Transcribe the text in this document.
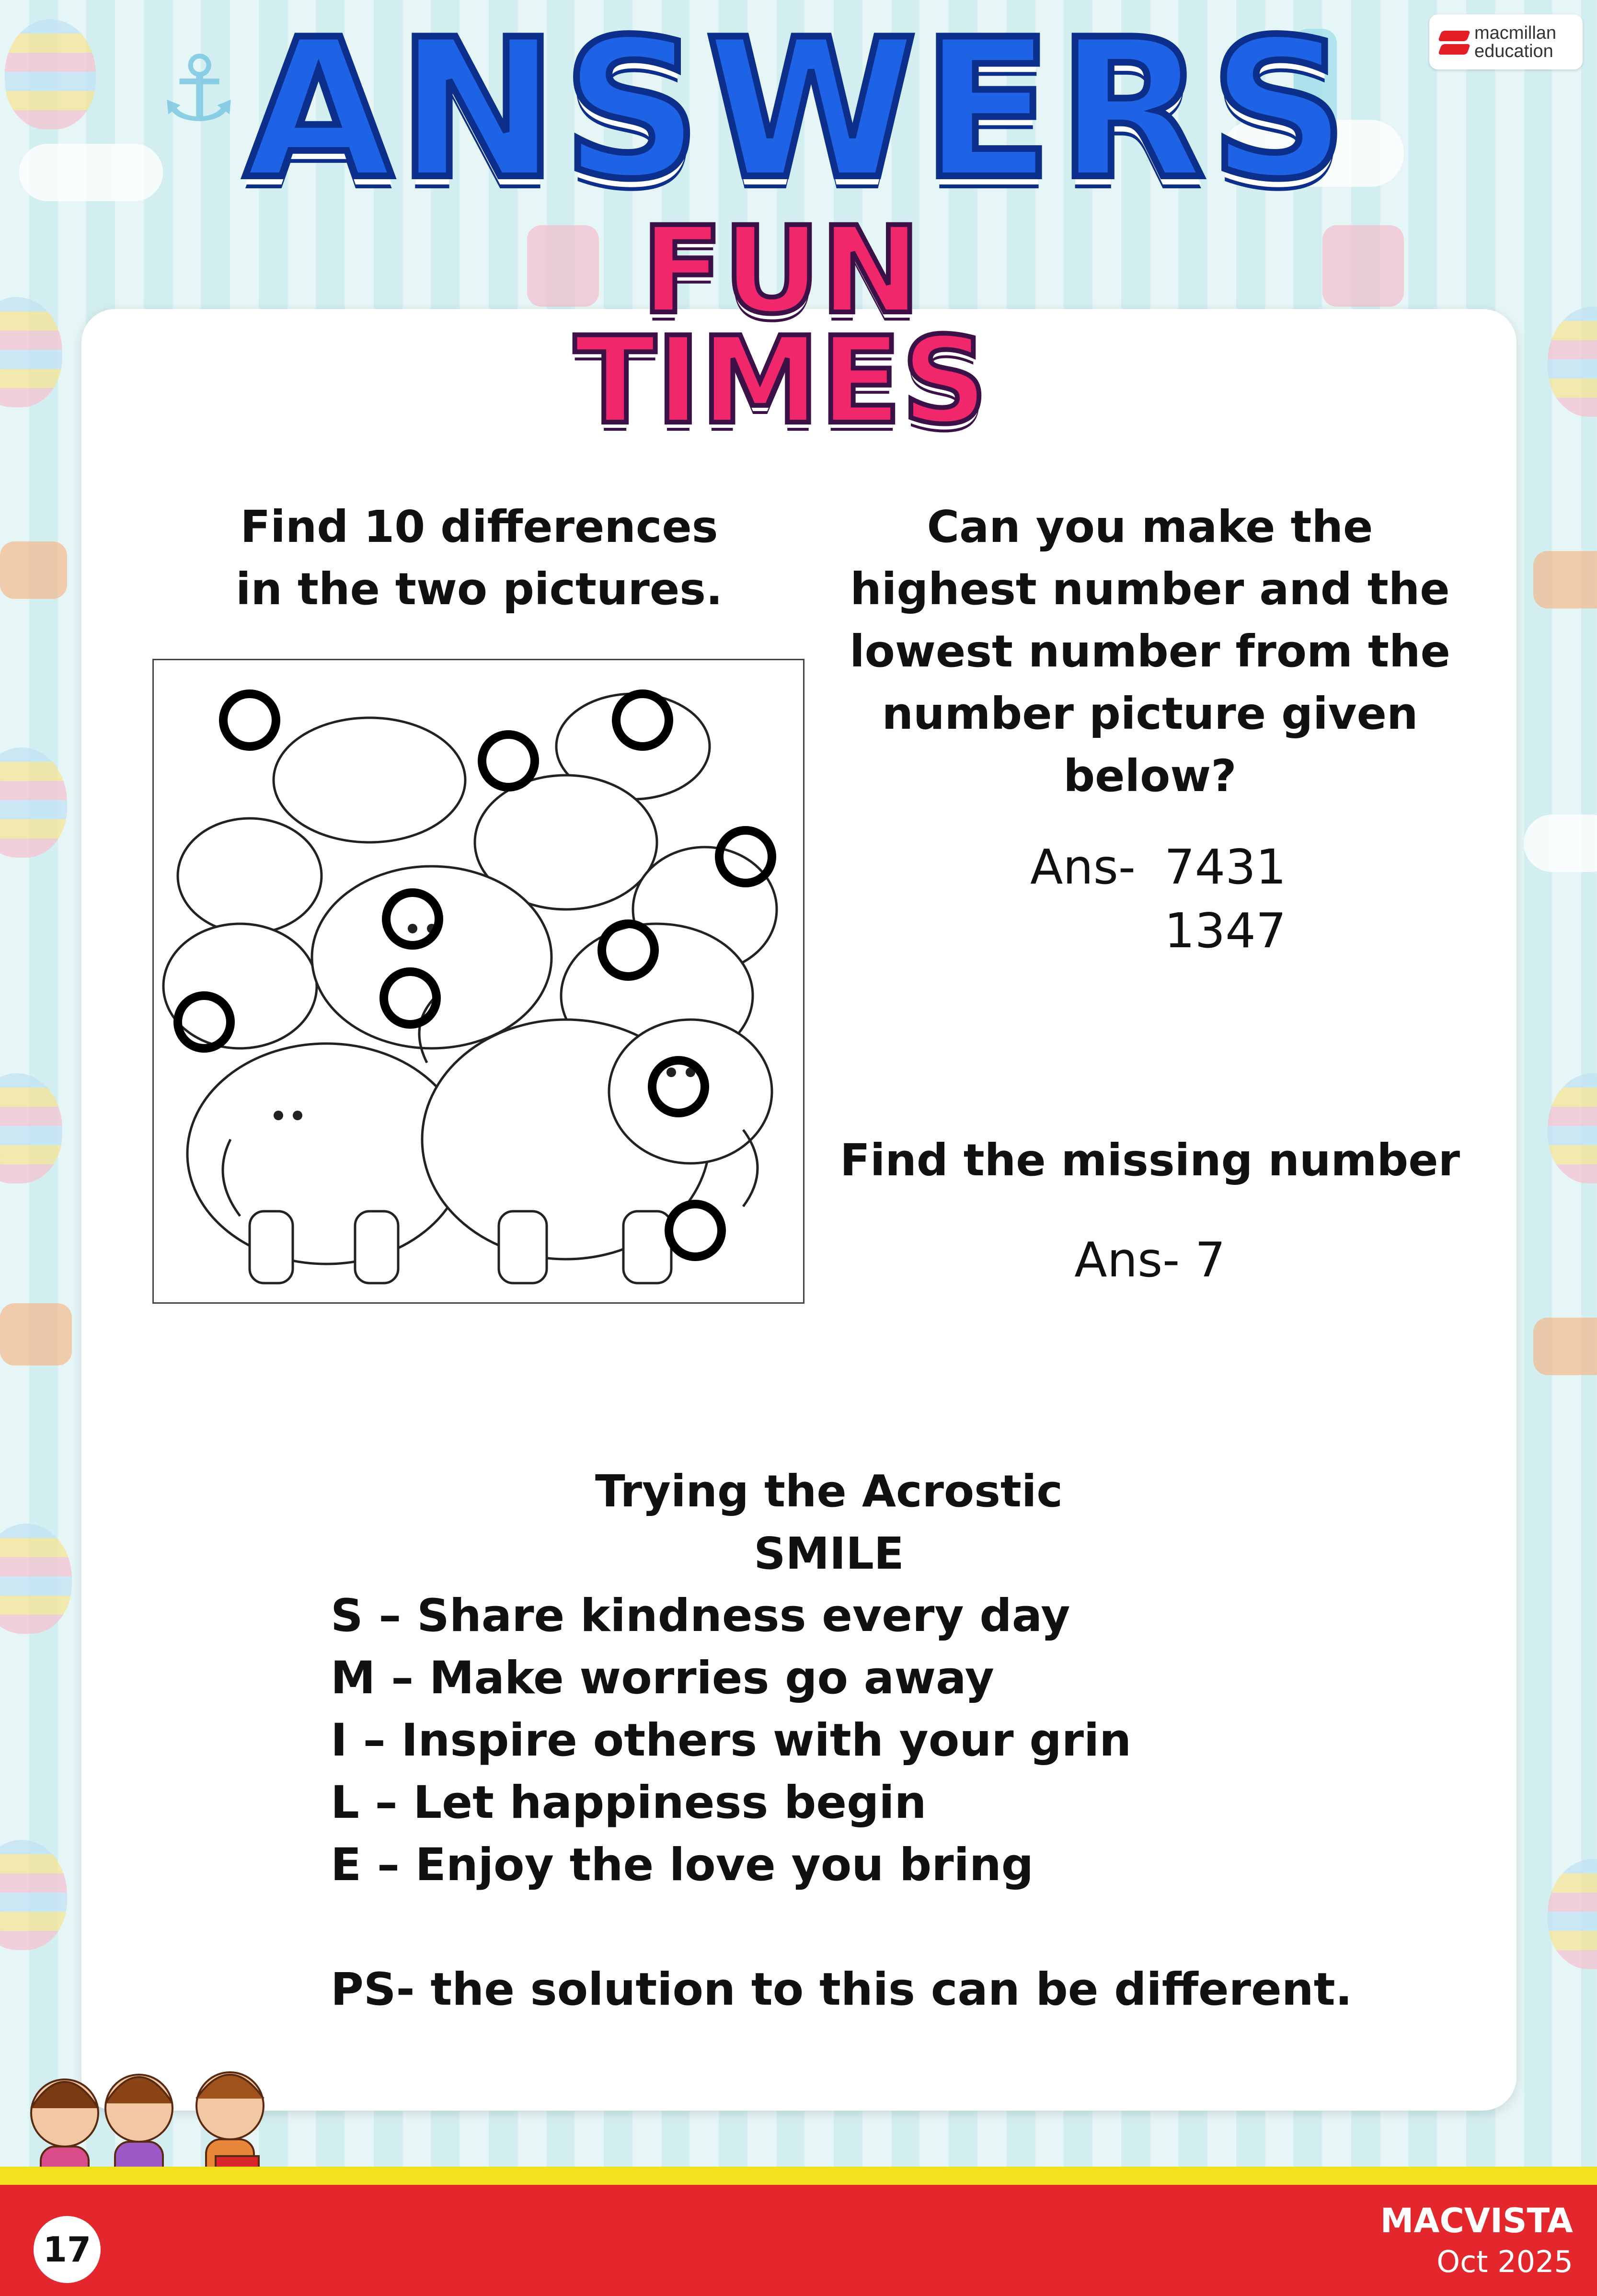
⚓
macmillan
education
ANSWERS
FUN
TIMES
Find 10 differences
in the two pictures.
Can you make the
highest number and the
lowest number from the
number picture given
below?
Ans- 7431
1347
Find the missing number
Ans- 7
Trying the Acrostic
SMILE
S – Share kindness every day
M – Make worries go away
I – Inspire others with your grin
L – Let happiness begin
E – Enjoy the love you bring
PS- the solution to this can be different.
17
MACVISTA
Oct 2025
